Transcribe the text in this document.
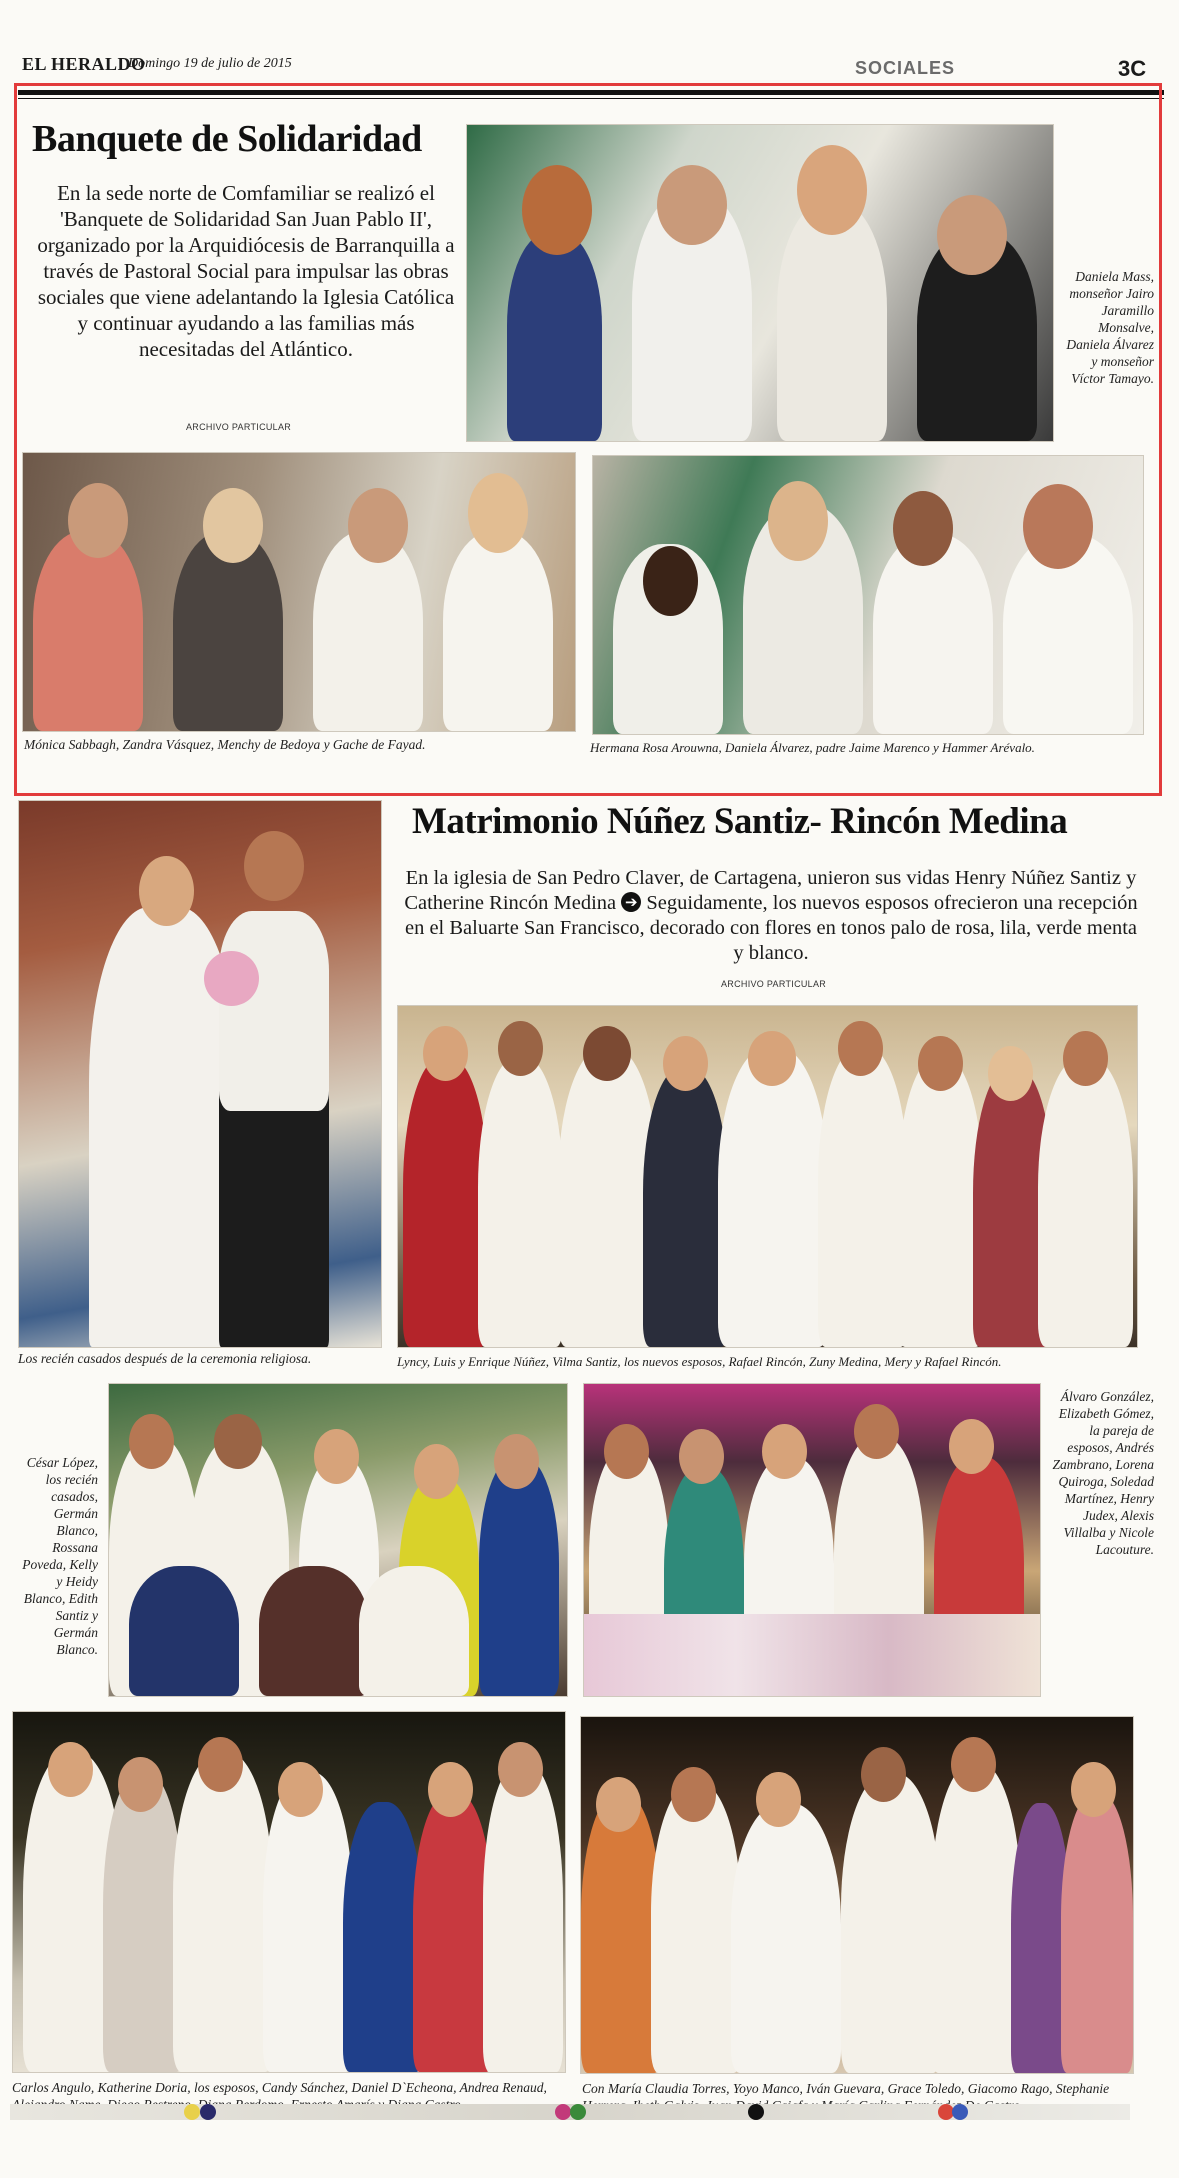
EL HERALDO
Domingo 19 de julio de 2015	SOCIALES	3C
Banquete de Solidaridad
En la sede norte de Comfamiliar se realizó el 'Banquete de Solidaridad San Juan Pablo II', organizado por la Arquidiócesis de Barranquilla a través de Pastoral Social para impulsar las obras sociales que viene adelantando la Iglesia Católica y continuar ayudando a las familias más necesitadas del Atlántico.
ARCHIVO PARTICULAR
Daniela Mass, monseñor Jairo Jaramillo Monsalve, Daniela Álvarez y monseñor Víctor Tamayo.
Mónica Sabbagh, Zandra Vásquez, Menchy de Bedoya y Gache de Fayad.	Hermana Rosa Arouwna, Daniela Álvarez, padre Jaime Marenco y Hammer Arévalo.
Los recién casados después de la ceremonia religiosa.
Matrimonio Núñez Santiz- Rincón Medina
En la iglesia de San Pedro Claver, de Cartagena, unieron sus vidas Henry Núñez Santiz y Catherine Rincón Medina ➔ Seguidamente, los nuevos esposos ofrecieron una recepción en el Baluarte San Francisco, decorado con flores en tonos palo de rosa, lila, verde menta y blanco.
ARCHIVO PARTICULAR
Lyncy, Luis y Enrique Núñez, Vilma Santiz, los nuevos esposos, Rafael Rincón, Zuny Medina, Mery y Rafael Rincón.
César López, los recién casados, Germán Blanco, Rossana Poveda, Kelly y Heidy Blanco, Edith Santiz y Germán Blanco.
Álvaro González, Elizabeth Gómez, la pareja de esposos, Andrés Zambrano, Lorena Quiroga, Soledad Martínez, Henry Judex, Alexis Villalba y Nicole Lacouture.
Carlos Angulo, Katherine Doria, los esposos, Candy Sánchez, Daniel D`Echeona, Andrea Renaud,	Con María Claudia Torres, Yoyo Manco, Iván Guevara, Grace Toledo, Giacomo Rago, Stephanie
